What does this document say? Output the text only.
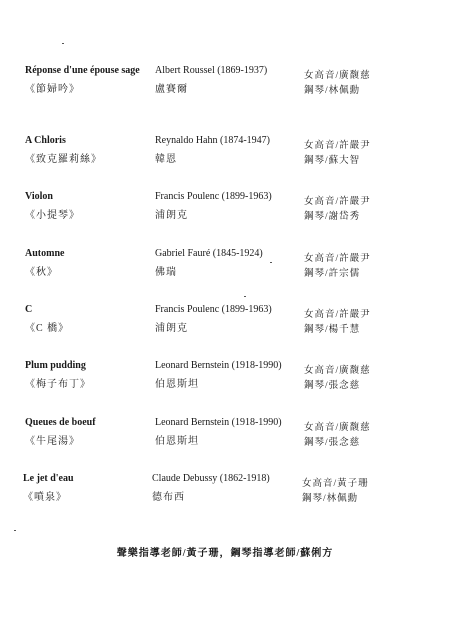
Réponse d'une épouse sage
《節婦吟》
Albert Roussel (1869-1937)
盧賽爾
女高音/廣馥慈
鋼琴/林佩勳
A Chloris
《致克羅莉絲》
Reynaldo Hahn (1874-1947)
韓恩
女高音/許嚴尹
鋼琴/蘇大智
Violon
《小提琴》
Francis Poulenc (1899-1963)
浦朗克
女高音/許嚴尹
鋼琴/謝岱秀
Automne
《秋》
Gabriel Fauré (1845-1924)
佛瑞
女高音/許嚴尹
鋼琴/許宗儒
C
《C 橋》
Francis Poulenc (1899-1963)
浦朗克
女高音/許嚴尹
鋼琴/楊千慧
Plum pudding
《梅子布丁》
Leonard Bernstein (1918-1990)
伯恩斯坦
女高音/廣馥慈
鋼琴/張念慈
Queues de boeuf
《牛尾湯》
Leonard Bernstein (1918-1990)
伯恩斯坦
女高音/廣馥慈
鋼琴/張念慈
Le jet d'eau
《噴泉》
Claude Debussy (1862-1918)
德布西
女高音/黃子珊
鋼琴/林佩勳
聲樂指導老師/黃子珊，鋼琴指導老師/蘇俐方
